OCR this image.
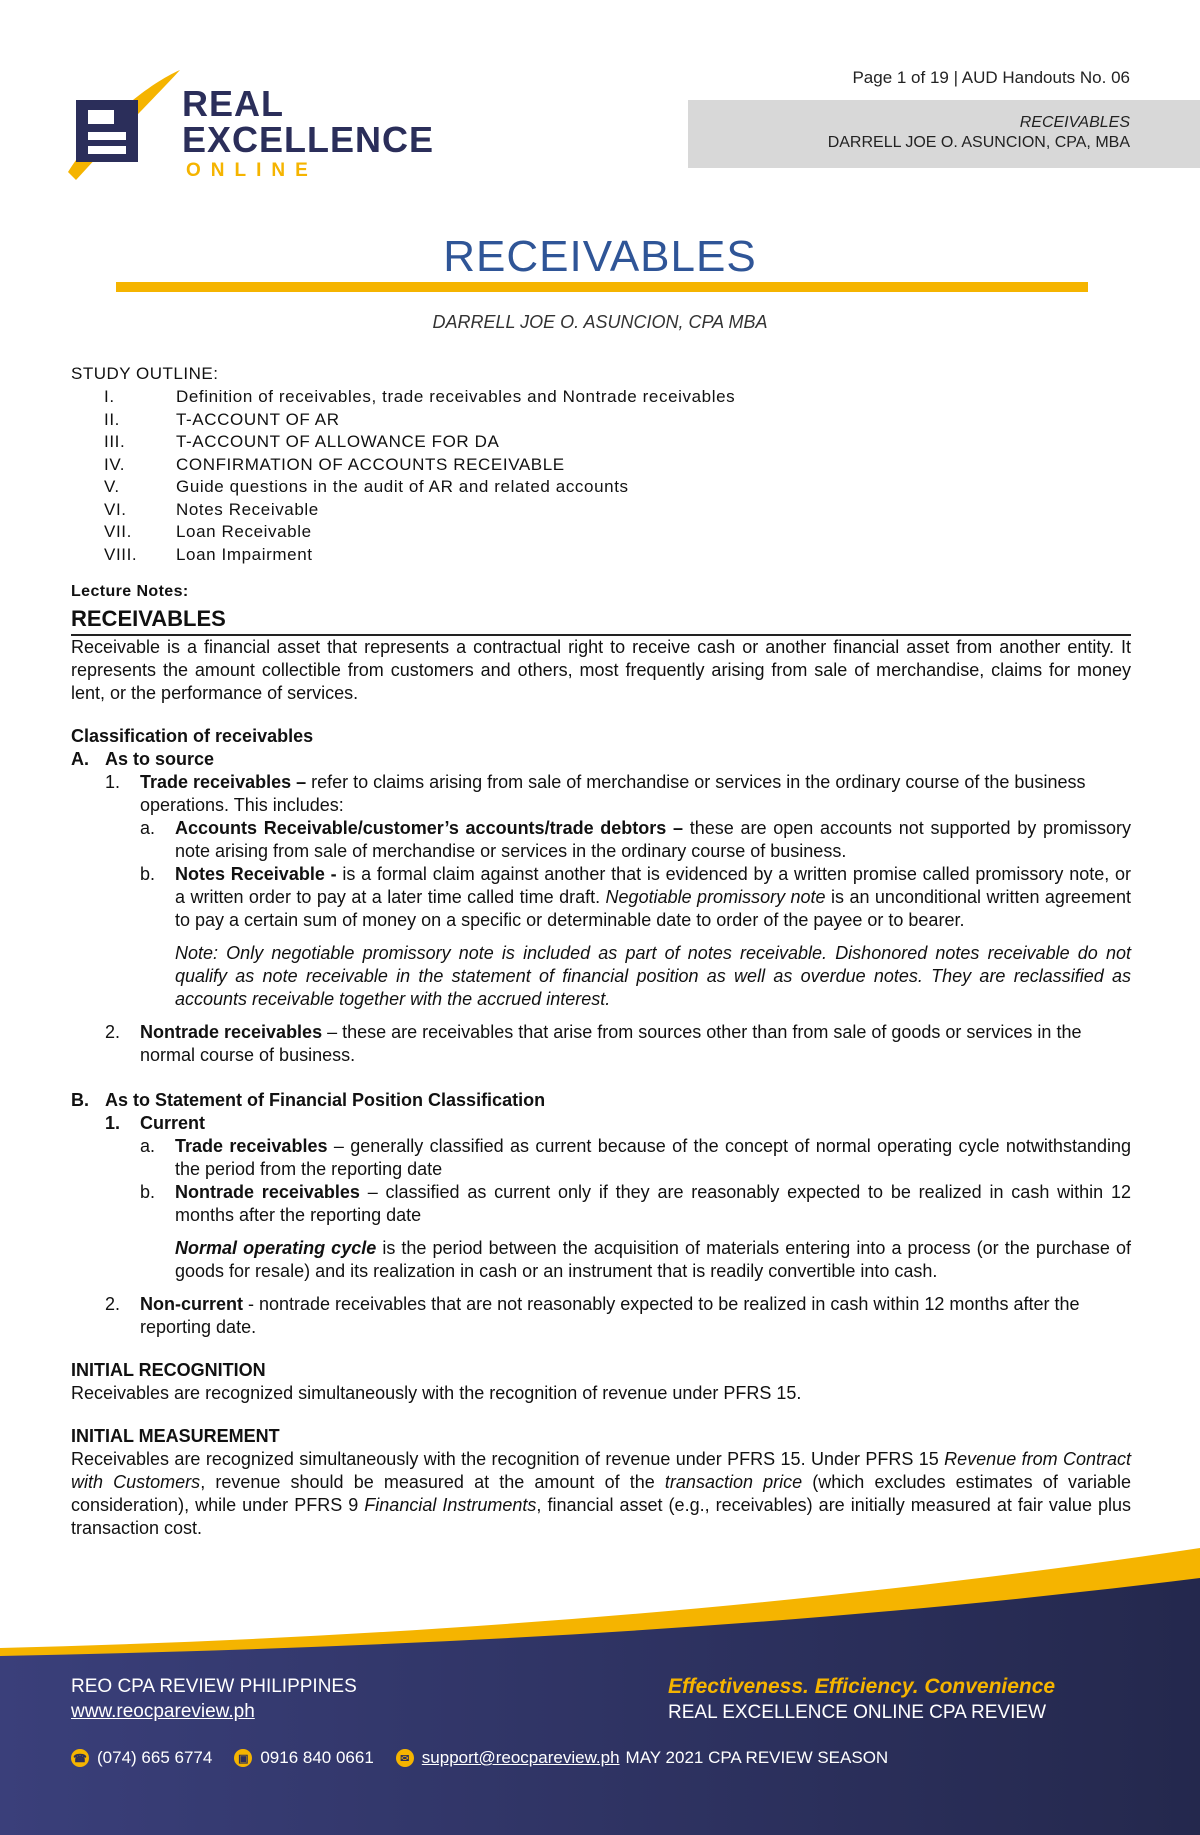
REAL
EXCELLENCE
ONLINE
Page 1 of 19 | AUD Handouts No. 06
RECEIVABLES
DARRELL JOE O. ASUNCION, CPA, MBA
RECEIVABLES
DARRELL JOE O. ASUNCION, CPA MBA
STUDY OUTLINE:
I.	Definition of receivables, trade receivables and Nontrade receivables
II.	T-ACCOUNT OF AR
III.	T-ACCOUNT OF ALLOWANCE FOR DA
IV.	CONFIRMATION OF ACCOUNTS RECEIVABLE
V.	Guide questions in the audit of AR and related accounts
VI.	Notes Receivable
VII.	Loan Receivable
VIII.	Loan Impairment
Lecture Notes:
RECEIVABLES

Receivable is a financial asset that represents a contractual right to receive cash or another financial asset from another entity. It represents the amount collectible from customers and others, most frequently arising from sale of merchandise, claims for money lent, or the performance of services.

Classification of receivables
A. As to source
1.	Trade receivables – refer to claims arising from sale of merchandise or services in the ordinary course of the business operations. This includes:
a.	Accounts Receivable/customer’s accounts/trade debtors – these are open accounts not supported by promissory note arising from sale of merchandise or services in the ordinary course of business.
b.	Notes Receivable - is a formal claim against another that is evidenced by a written promise called promissory note, or a written order to pay at a later time called time draft. Negotiable promissory note is an unconditional written agreement to pay a certain sum of money on a specific or determinable date to order of the payee or to bearer.

Note: Only negotiable promissory note is included as part of notes receivable. Dishonored notes receivable do not qualify as note receivable in the statement of financial position as well as overdue notes. They are reclassified as accounts receivable together with the accrued interest.

2.	Nontrade receivables – these are receivables that arise from sources other than from sale of goods or services in the normal course of business.
B. As to Statement of Financial Position Classification
1.	Current
a.	Trade receivables – generally classified as current because of the concept of normal operating cycle notwithstanding the period from the reporting date
b.	Nontrade receivables – classified as current only if they are reasonably expected to be realized in cash within 12 months after the reporting date

Normal operating cycle is the period between the acquisition of materials entering into a process (or the purchase of goods for resale) and its realization in cash or an instrument that is readily convertible into cash.

2.	Non-current - nontrade receivables that are not reasonably expected to be realized in cash within 12 months after the reporting date.
INITIAL RECOGNITION

Receivables are recognized simultaneously with the recognition of revenue under PFRS 15.

INITIAL MEASUREMENT

Receivables are recognized simultaneously with the recognition of revenue under PFRS 15. Under PFRS 15 Revenue from Contract with Customers, revenue should be measured at the amount of the transaction price (which excludes estimates of variable consideration), while under PFRS 9 Financial Instruments, financial asset (e.g., receivables) are initially measured at fair value plus transaction cost.

REO CPA REVIEW PHILIPPINES
www.reocpareview.ph
Effectiveness. Efficiency. Convenience
REAL EXCELLENCE ONLINE CPA REVIEW
☎ (074) 665 6774	▣ 0916 840 0661	✉ support@reocpareview.ph MAY 2021 CPA REVIEW SEASON
